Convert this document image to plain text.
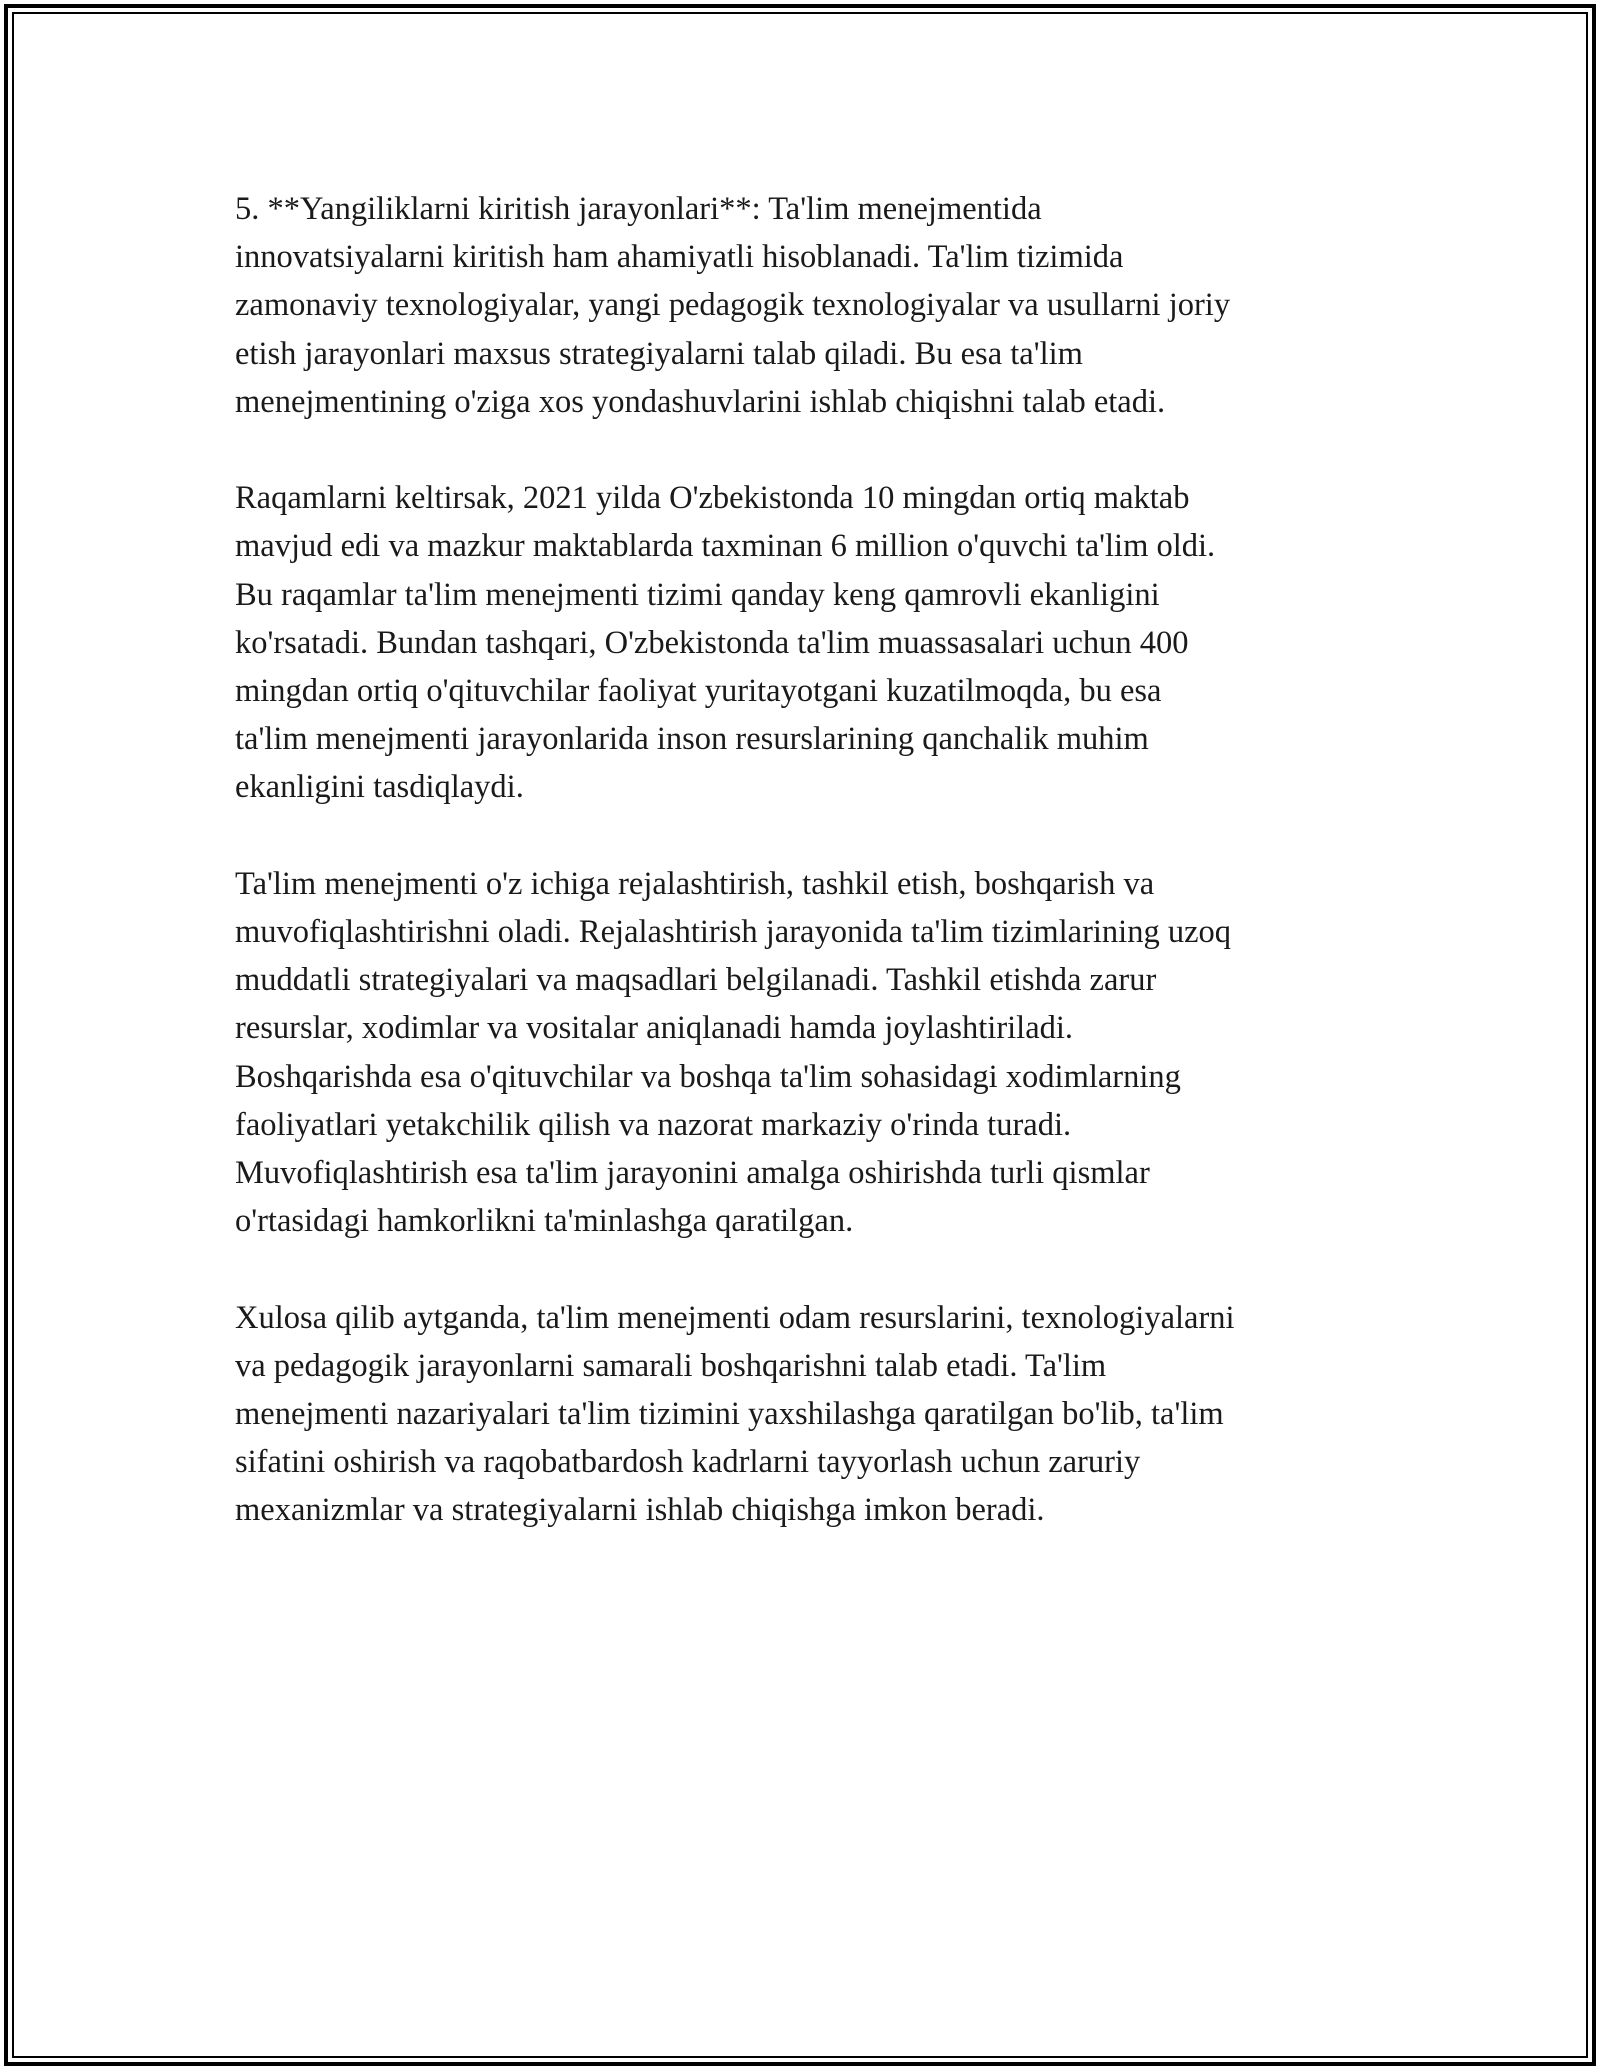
5. **Yangiliklarni kiritish jarayonlari**: Ta'lim menejmentida
innovatsiyalarni kiritish ham ahamiyatli hisoblanadi. Ta'lim tizimida
zamonaviy texnologiyalar, yangi pedagogik texnologiyalar va usullarni joriy
etish jarayonlari maxsus strategiyalarni talab qiladi. Bu esa ta'lim
menejmentining o'ziga xos yondashuvlarini ishlab chiqishni talab etadi.

Raqamlarni keltirsak, 2021 yilda O'zbekistonda 10 mingdan ortiq maktab
mavjud edi va mazkur maktablarda taxminan 6 million o'quvchi ta'lim oldi.
Bu raqamlar ta'lim menejmenti tizimi qanday keng qamrovli ekanligini
ko'rsatadi. Bundan tashqari, O'zbekistonda ta'lim muassasalari uchun 400
mingdan ortiq o'qituvchilar faoliyat yuritayotgani kuzatilmoqda, bu esa
ta'lim menejmenti jarayonlarida inson resurslarining qanchalik muhim
ekanligini tasdiqlaydi.

Ta'lim menejmenti o'z ichiga rejalashtirish, tashkil etish, boshqarish va
muvofiqlashtirishni oladi. Rejalashtirish jarayonida ta'lim tizimlarining uzoq
muddatli strategiyalari va maqsadlari belgilanadi. Tashkil etishda zarur
resurslar, xodimlar va vositalar aniqlanadi hamda joylashtiriladi.
Boshqarishda esa o'qituvchilar va boshqa ta'lim sohasidagi xodimlarning
faoliyatlari yetakchilik qilish va nazorat markaziy o'rinda turadi.
Muvofiqlashtirish esa ta'lim jarayonini amalga oshirishda turli qismlar
o'rtasidagi hamkorlikni ta'minlashga qaratilgan.

Xulosa qilib aytganda, ta'lim menejmenti odam resurslarini, texnologiyalarni
va pedagogik jarayonlarni samarali boshqarishni talab etadi. Ta'lim
menejmenti nazariyalari ta'lim tizimini yaxshilashga qaratilgan bo'lib, ta'lim
sifatini oshirish va raqobatbardosh kadrlarni tayyorlash uchun zaruriy
mexanizmlar va strategiyalarni ishlab chiqishga imkon beradi.
